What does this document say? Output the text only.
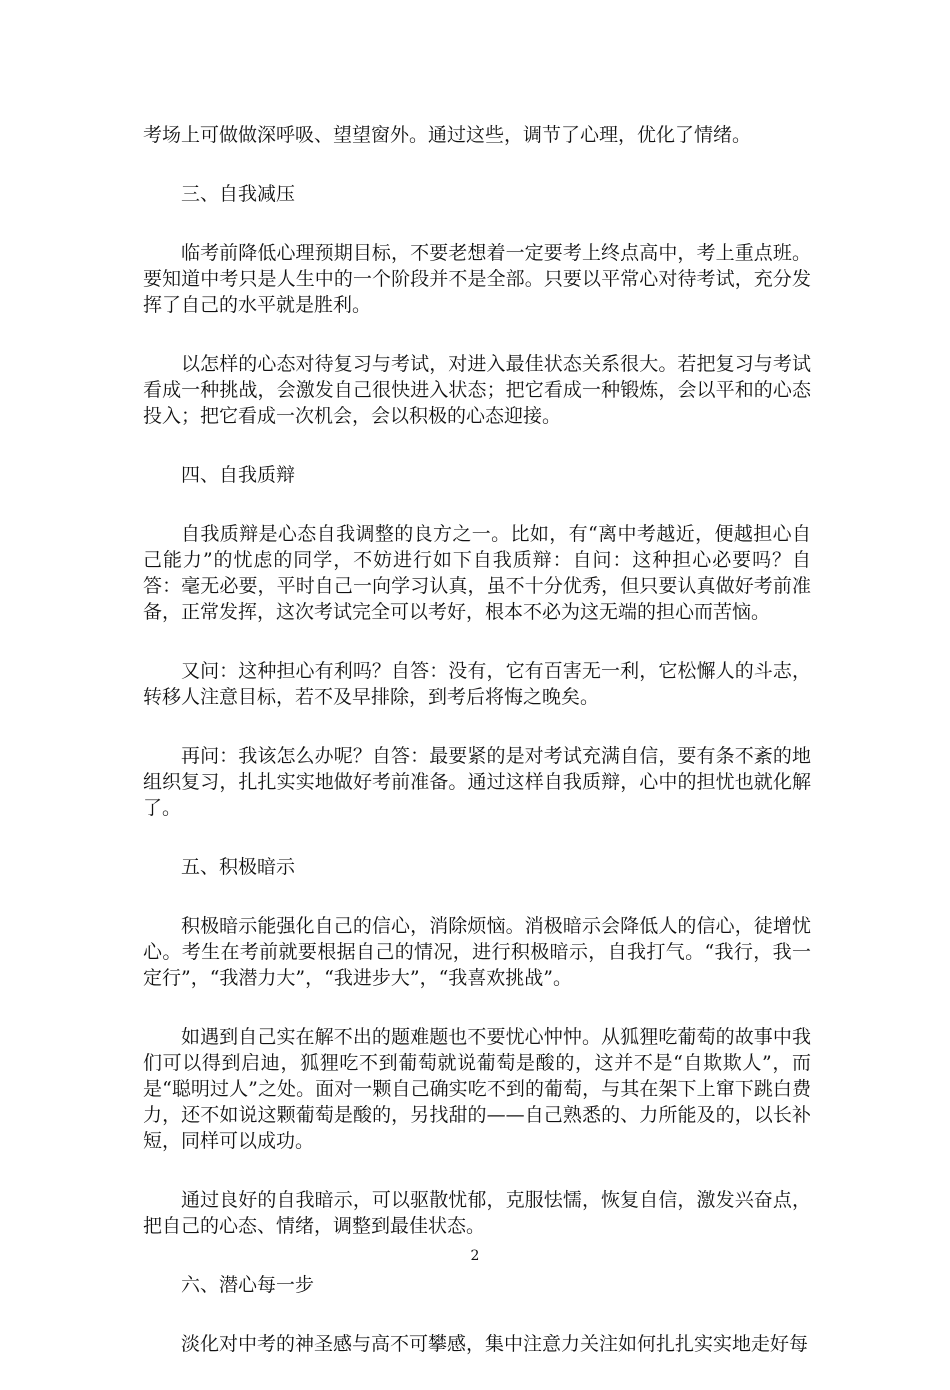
考场上可做做深呼吸、望望窗外。通过这些，调节了心理，优化了情绪。

三、自我减压

临考前降低心理预期目标，不要老想着一定要考上终点高中，考上重点班。要知道中考只是人生中的一个阶段并不是全部。只要以平常心对待考试，充分发挥了自己的水平就是胜利。

以怎样的心态对待复习与考试，对进入最佳状态关系很大。若把复习与考试看成一种挑战，会激发自己很快进入状态；把它看成一种锻炼，会以平和的心态投入；把它看成一次机会，会以积极的心态迎接。

四、自我质辩

自我质辩是心态自我调整的良方之一。比如，有“离中考越近，便越担心自己能力”的忧虑的同学，不妨进行如下自我质辩：自问：这种担心必要吗？自答：毫无必要，平时自己一向学习认真，虽不十分优秀，但只要认真做好考前准备，正常发挥，这次考试完全可以考好，根本不必为这无端的担心而苦恼。

又问：这种担心有利吗？自答：没有，它有百害无一利，它松懈人的斗志，转移人注意目标，若不及早排除，到考后将悔之晚矣。

再问：我该怎么办呢？自答：最要紧的是对考试充满自信，要有条不紊的地组织复习，扎扎实实地做好考前准备。通过这样自我质辩，心中的担忧也就化解了。

五、积极暗示

积极暗示能强化自己的信心，消除烦恼。消极暗示会降低人的信心，徒增忧心。考生在考前就要根据自己的情况，进行积极暗示，自我打气。“我行，我一定行”，“我潜力大”，“我进步大”，“我喜欢挑战”。

如遇到自己实在解不出的题难题也不要忧心忡忡。从狐狸吃葡萄的故事中我们可以得到启迪，狐狸吃不到葡萄就说葡萄是酸的，这并不是“自欺欺人”，而是“聪明过人”之处。面对一颗自己确实吃不到的葡萄，与其在架下上窜下跳白费力，还不如说这颗葡萄是酸的，另找甜的——自己熟悉的、力所能及的，以长补短，同样可以成功。

通过良好的自我暗示，可以驱散忧郁，克服怯懦，恢复自信，激发兴奋点，把自己的心态、情绪，调整到最佳状态。

六、潜心每一步

淡化对中考的神圣感与高不可攀感，集中注意力关注如何扎扎实实地走好每

2
